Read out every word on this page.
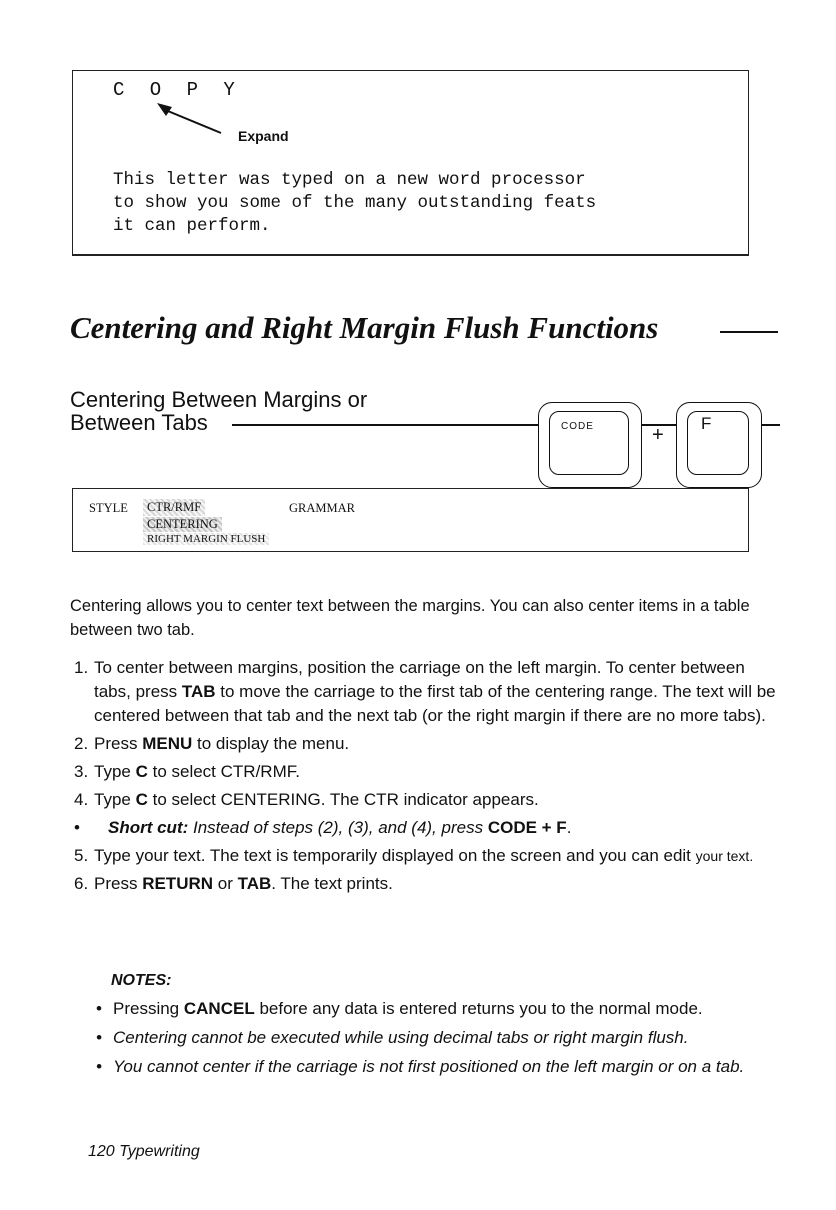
C O P Y
Expand
This letter was typed on a new word processor
to show you some of the many outstanding feats
it can perform.
Centering and Right Margin Flush Functions
Centering Between Margins or
Between Tabs	CODE	+
F
STYLE	CTR/RMF	GRAMMAR
CENTERING
RIGHT MARGIN FLUSH

Centering allows you to center text between the margins. You can also center items in a table between two tab.

1. To center between margins, position the carriage on the left margin. To center between tabs, press TAB to move the carriage to the first tab of the centering range. The text will be centered between that tab and the next tab (or the right margin if there are no more tabs).
2. Press MENU to display the menu.
3. Type C to select CTR/RMF.
4. Type C to select CENTERING. The CTR indicator appears.
• Short cut: Instead of steps (2), (3), and (4), press CODE + F.
5. Type your text. The text is temporarily displayed on the screen and you can edit your text.
6. Press RETURN or TAB. The text prints.
NOTES:
• Pressing CANCEL before any data is entered returns you to the normal mode.
• Centering cannot be executed while using decimal tabs or right margin flush.
• You cannot center if the carriage is not first positioned on the left margin or on a tab.
120 Typewriting
